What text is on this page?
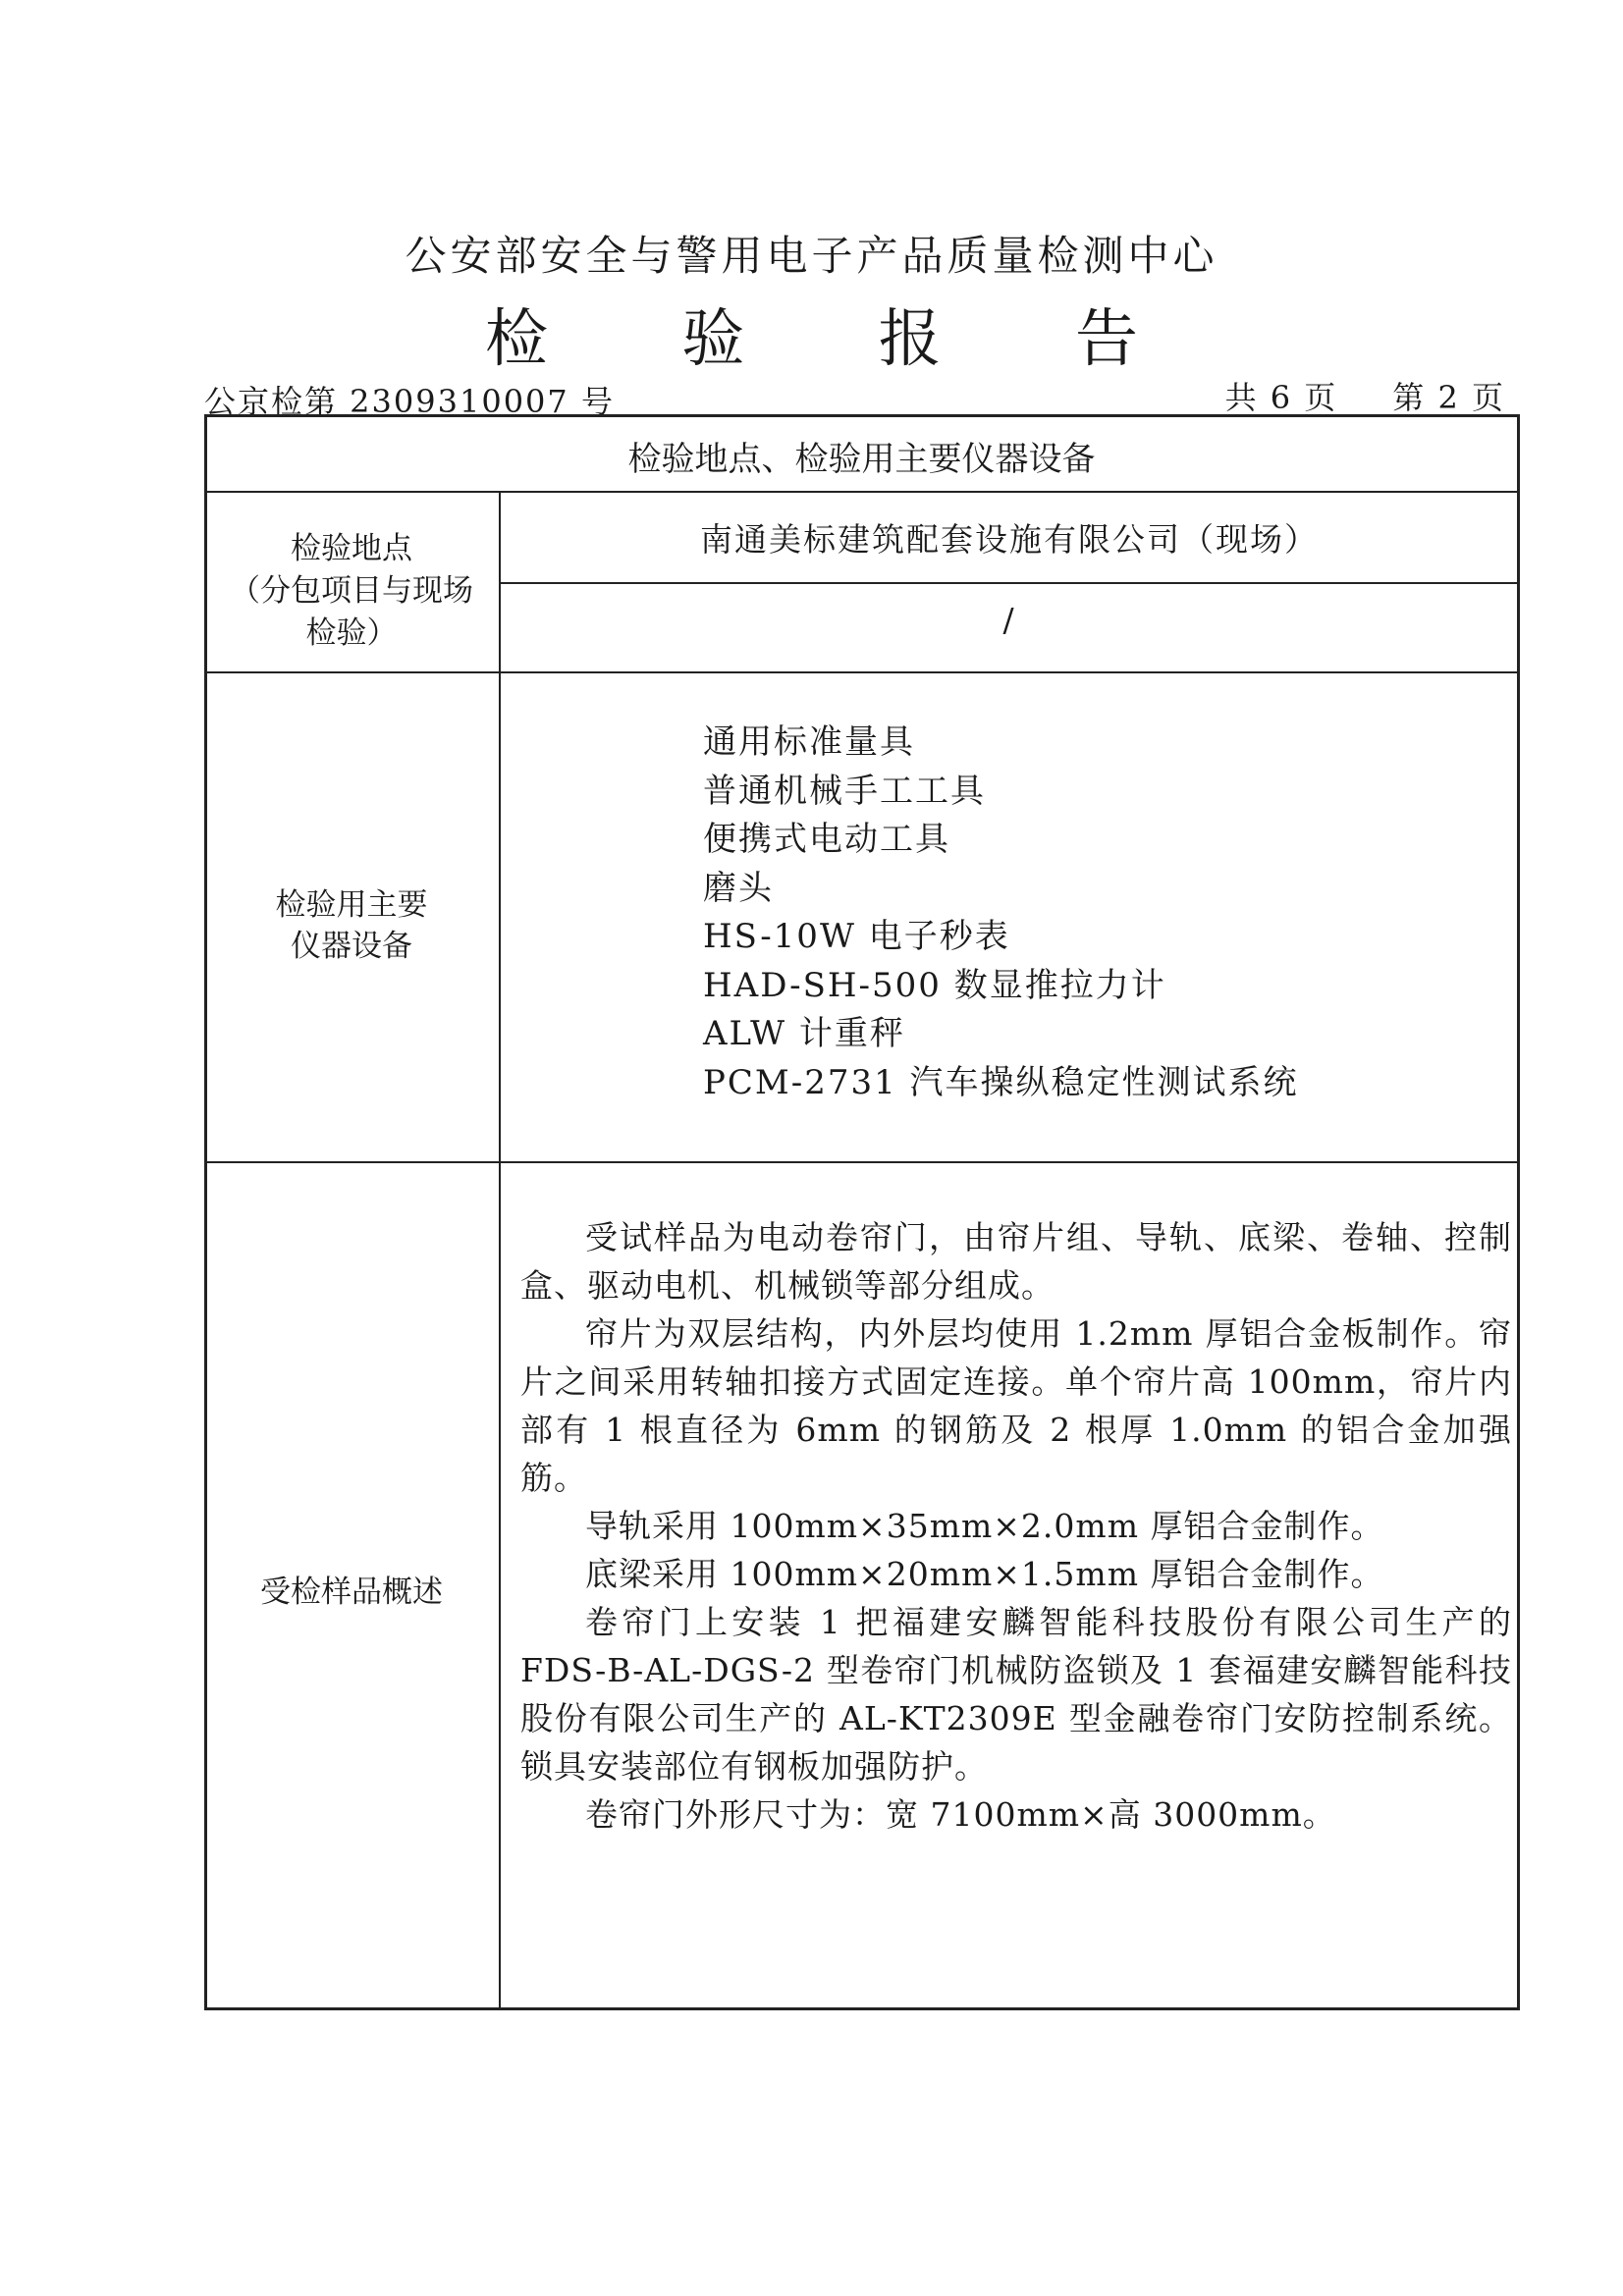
公安部安全与警用电子产品质量检测中心
检 验 报 告
公京检第 2309310007 号	共 6 页 第 2 页
检验地点、检验用主要仪器设备
检验地点
（分包项目与现场
检验）
南通美标建筑配套设施有限公司（现场）
/
检验用主要
仪器设备
通用标准量具
普通机械手工工具
便携式电动工具
磨头
HS-10W 电子秒表
HAD-SH-500 数显推拉力计
ALW 计重秤
PCM-2731 汽车操纵稳定性测试系统
受检样品概述

受试样品为电动卷帘门，由帘片组、导轨、底梁、卷轴、控制盒、驱动电机、机械锁等部分组成。

帘片为双层结构，内外层均使用 1.2mm 厚铝合金板制作。帘片之间采用转轴扣接方式固定连接。单个帘片高 100mm，帘片内部有 1 根直径为 6mm 的钢筋及 2 根厚 1.0mm 的铝合金加强筋。

导轨采用 100mm×35mm×2.0mm 厚铝合金制作。

底梁采用 100mm×20mm×1.5mm 厚铝合金制作。

卷帘门上安装 1 把福建安麟智能科技股份有限公司生产的 FDS-B-AL-DGS-2 型卷帘门机械防盗锁及 1 套福建安麟智能科技股份有限公司生产的 AL-KT2309E 型金融卷帘门安防控制系统。锁具安装部位有钢板加强防护。

卷帘门外形尺寸为：宽 7100mm×高 3000mm。
